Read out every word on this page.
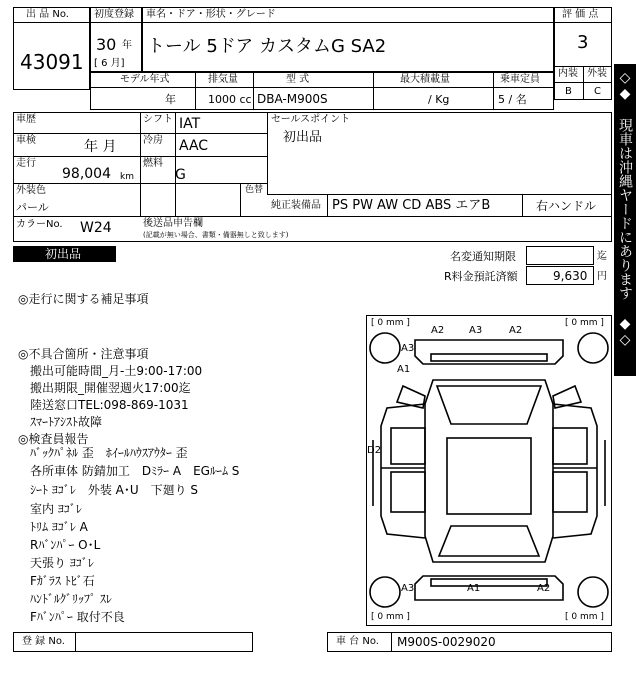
出 品 No.
43091
初度登録
30 年
[ 6 月]
車名・ドア・形状・グレード
トール 5ドア カスタムG SA2
評 価 点
3
内装 外装
B C
モデル年式	排気量	型 式	最大積載量	乗車定員
年	1000 cc DBA-M900S	/ Kg	5 / 名	◇◆ 現車は沖縄ヤードにあります ◆◇
車歴	シフト IAT	セールスポイント
初出品
車検	年 月	冷房 AAC
走行
98,004 km
燃料
G
外装色
パール
色替
純正装備品 PS PW AW CD ABS エアB	右ハンドル
カラーNo. W24	後送品申告欄
(記載が無い場合、書類・備器無しと致します)
初出品	名変通知期限	迄
R料金預託済額	9,630 円
◎走行に関する補足事項
◎不具合箇所・注意事項
　搬出可能時間_月-土9:00-17:00
　搬出期限_開催翌週火17:00迄
　陸送窓口TEL:098-869-1031
　ｽﾏｰﾄｱｼｽﾄ故障
◎検査員報告
　ﾊﾞｯｸﾊﾟﾈﾙ 歪　ﾎｲｰﾙﾊｳｽｱｳﾀｰ 歪
　各所車体 防錆加工　Dﾐﾗｰ A　EGﾙｰﾑ S
　ｼｰﾄ ﾖｺﾞﾚ　外装 A･U　下廻り S
　室内 ﾖｺﾞﾚ
　ﾄﾘﾑ ﾖｺﾞﾚ A
　Rﾊﾞﾝﾊﾟｰ O･L
　天張り ﾖｺﾞﾚ
　Fｶﾞﾗｽ ﾄﾋﾞ石
　ﾊﾝﾄﾞﾙｸﾞﾘｯﾌﾟ ｽﾚ
　Fﾊﾞﾝﾊﾟｰ 取付不良
[ 0 mm ]	[ 0 mm ]
[ 0 mm ]	[ 0 mm ]
A2 A3	A2
A3
A1
D2
A3	A1	A2
登 録 No.	車 台 No. M900S-0029020
